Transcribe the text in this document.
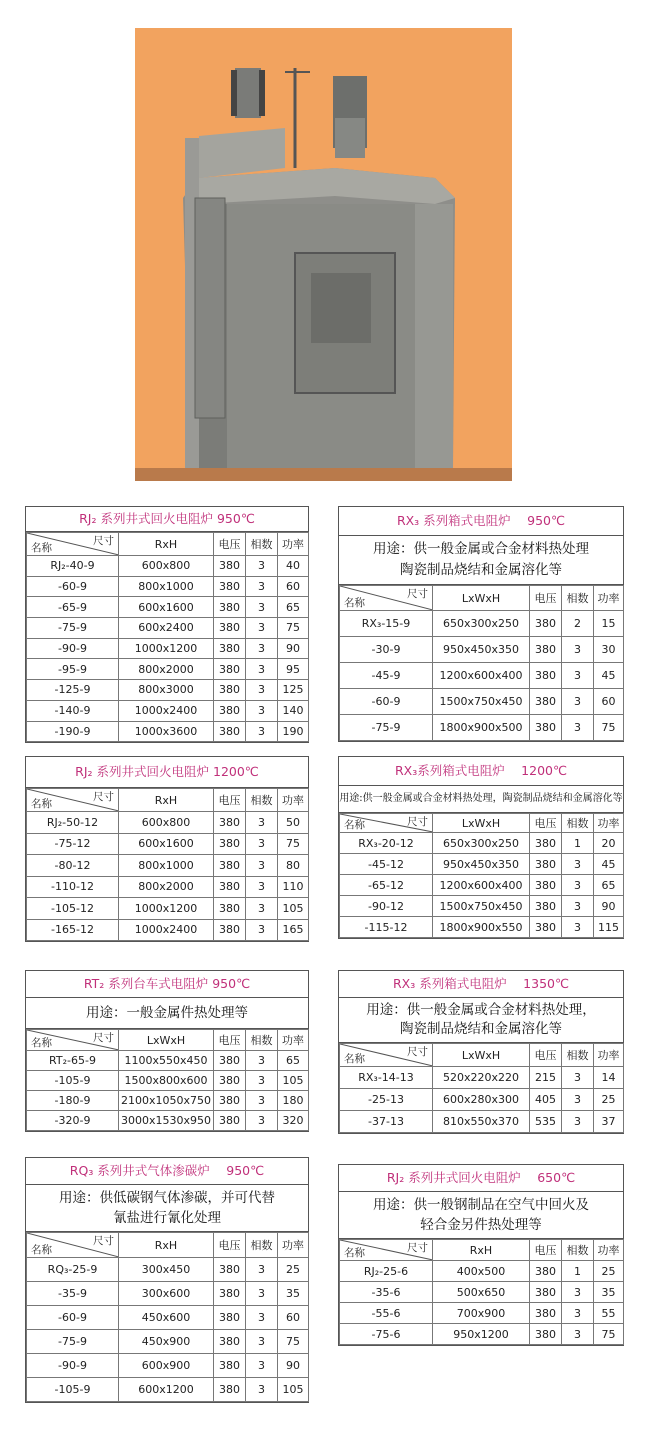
RJ₂ 系列井式回火电阻炉 950℃
尺寸
名称	RxH	电压	相数	功率
RJ₂-40-9	600x800	380	3	40
-60-9	800x1000	380	3	60
-65-9	600x1600	380	3	65
-75-9	600x2400	380	3	75
-90-9	1000x1200	380	3	90
-95-9	800x2000	380	3	95
-125-9	800x3000	380	3	125
-140-9	1000x2400	380	3	140
-190-9	1000x3600	380	3	190
RX₃ 系列箱式电阻炉　 950℃
用途：供一般金属或合金材料热处理
陶瓷制品烧结和金属溶化等
尺寸
名称	LxWxH	电压	相数	功率
RX₃-15-9	650x300x250	380	2	15
-30-9	950x450x350	380	3	30
-45-9	1200x600x400	380	3	45
-60-9	1500x750x450	380	3	60
-75-9	1800x900x500	380	3	75
RJ₂ 系列井式回火电阻炉 1200℃
尺寸
名称	RxH	电压	相数	功率
RJ₂-50-12	600x800	380	3	50
-75-12	600x1600	380	3	75
-80-12	800x1000	380	3	80
-110-12	800x2000	380	3	110
-105-12	1000x1200	380	3	105
-165-12	1000x2400	380	3	165
RX₃系列箱式电阻炉　 1200℃
用途:供一般金属或合金材料热处理，陶瓷制品烧结和金属溶化等
尺寸
名称	LxWxH	电压	相数	功率
RX₃-20-12	650x300x250	380	1	20
-45-12	950x450x350	380	3	45
-65-12	1200x600x400	380	3	65
-90-12	1500x750x450	380	3	90
-115-12	1800x900x550	380	3	115
RT₂ 系列台车式电阻炉 950℃
用途：一般金属件热处理等
尺寸
名称	LxWxH	电压	相数	功率
RT₂-65-9	1100x550x450	380	3	65
-105-9	1500x800x600	380	3	105
-180-9	2100x1050x750	380	3	180
-320-9	3000x1530x950	380	3	320
RX₃ 系列箱式电阻炉　 1350℃
用途：供一般金属或合金材料热处理，
陶瓷制品烧结和金属溶化等
尺寸
名称	LxWxH	电压	相数	功率
RX₃-14-13	520x220x220	215	3	14
-25-13	600x280x300	405	3	25
-37-13	810x550x370	535	3	37
RQ₃ 系列井式气体渗碳炉　 950℃
用途：供低碳钢气体渗碳，并可代替
氰盐进行氰化处理
尺寸
名称	RxH	电压	相数	功率
RQ₃-25-9	300x450	380	3	25
-35-9	300x600	380	3	35
-60-9	450x600	380	3	60
-75-9	450x900	380	3	75
-90-9	600x900	380	3	90
-105-9	600x1200	380	3	105
RJ₂ 系列井式回火电阻炉　 650℃
用途：供一般钢制品在空气中回火及
轻合金另件热处理等
尺寸
名称	RxH	电压	相数	功率
RJ₂-25-6	400x500	380	1	25
-35-6	500x650	380	3	35
-55-6	700x900	380	3	55
-75-6	950x1200	380	3	75
